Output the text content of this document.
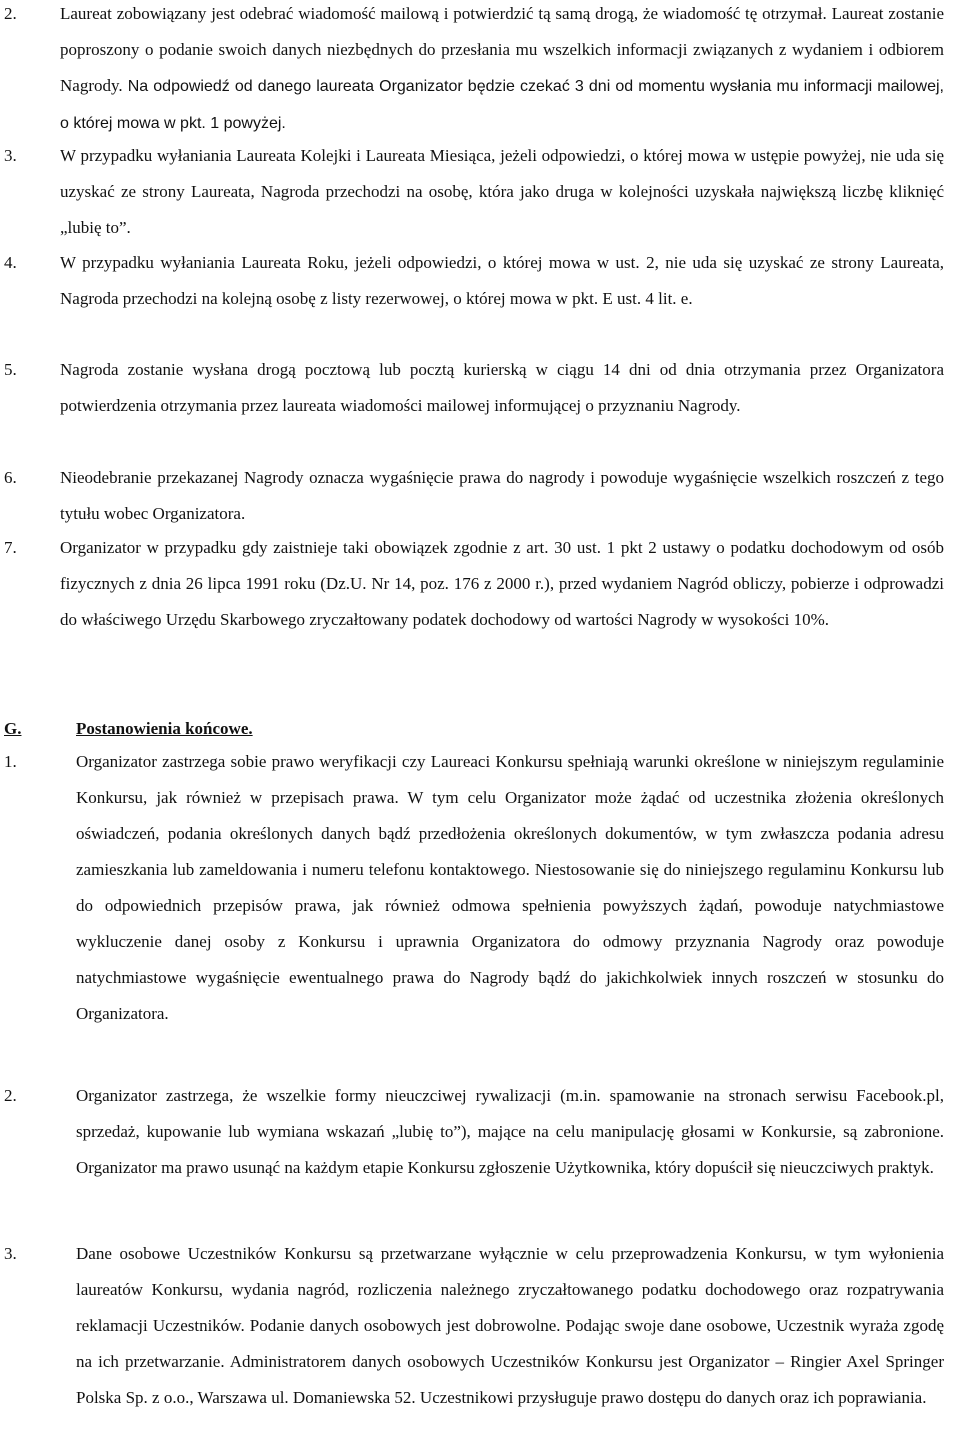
2.	Laureat zobowiązany jest odebrać wiadomość mailową i potwierdzić tą samą drogą, że wiadomość tę otrzymał. Laureat zostanie poproszony o podanie swoich danych niezbędnych do przesłania mu wszelkich informacji związanych z wydaniem i odbiorem Nagrody. Na odpowiedź od danego laureata Organizator będzie czekać 3 dni od momentu wysłania mu informacji mailowej, o której mowa w pkt. 1 powyżej.
3.	W przypadku wyłaniania Laureata Kolejki i Laureata Miesiąca, jeżeli odpowiedzi, o której mowa w ustępie powyżej, nie uda się uzyskać ze strony Laureata, Nagroda przechodzi na osobę, która jako druga w kolejności uzyskała największą liczbę kliknięć „lubię to”.
4.	W przypadku wyłaniania Laureata Roku, jeżeli odpowiedzi, o której mowa w ust. 2, nie uda się uzyskać ze strony Laureata, Nagroda przechodzi na kolejną osobę z listy rezerwowej, o której mowa w pkt. E ust. 4 lit. e.
5.	Nagroda zostanie wysłana drogą pocztową lub pocztą kurierską w ciągu 14 dni od dnia otrzymania przez Organizatora potwierdzenia otrzymania przez laureata wiadomości mailowej informującej o przyznaniu Nagrody.
6.	Nieodebranie przekazanej Nagrody oznacza wygaśnięcie prawa do nagrody i powoduje wygaśnięcie wszelkich roszczeń z tego tytułu wobec Organizatora.
7.	Organizator w przypadku gdy zaistnieje taki obowiązek zgodnie z art. 30 ust. 1 pkt 2 ustawy o podatku dochodowym od osób fizycznych z dnia 26 lipca 1991 roku (Dz.U. Nr 14, poz. 176 z 2000 r.), przed wydaniem Nagród obliczy, pobierze i odprowadzi do właściwego Urzędu Skarbowego zryczałtowany podatek dochodowy od wartości Nagrody w wysokości 10%.
G.	Postanowienia końcowe.
1.	Organizator zastrzega sobie prawo weryfikacji czy Laureaci Konkursu spełniają warunki określone w niniejszym regulaminie Konkursu, jak również w przepisach prawa. W tym celu Organizator może żądać od uczestnika złożenia określonych oświadczeń, podania określonych danych bądź przedłożenia określonych dokumentów, w tym zwłaszcza podania adresu zamieszkania lub zameldowania i numeru telefonu kontaktowego. Niestosowanie się do niniejszego regulaminu Konkursu lub do odpowiednich przepisów prawa, jak również odmowa spełnienia powyższych żądań, powoduje natychmiastowe wykluczenie danej osoby z Konkursu i uprawnia Organizatora do odmowy przyznania Nagrody oraz powoduje natychmiastowe wygaśnięcie ewentualnego prawa do Nagrody bądź do jakichkolwiek innych roszczeń w stosunku do Organizatora.
2.	Organizator zastrzega, że wszelkie formy nieuczciwej rywalizacji (m.in. spamowanie na stronach serwisu Facebook.pl, sprzedaż, kupowanie lub wymiana wskazań „lubię to”), mające na celu manipulację głosami w Konkursie, są zabronione. Organizator ma prawo usunąć na każdym etapie Konkursu zgłoszenie Użytkownika, który dopuścił się nieuczciwych praktyk.
3.	Dane osobowe Uczestników Konkursu są przetwarzane wyłącznie w celu przeprowadzenia Konkursu, w tym wyłonienia laureatów Konkursu, wydania nagród, rozliczenia należnego zryczałtowanego podatku dochodowego oraz rozpatrywania reklamacji Uczestników. Podanie danych osobowych jest dobrowolne. Podając swoje dane osobowe, Uczestnik wyraża zgodę na ich przetwarzanie. Administratorem danych osobowych Uczestników Konkursu jest Organizator – Ringier Axel Springer Polska Sp. z o.o., Warszawa ul. Domaniewska 52. Uczestnikowi przysługuje prawo dostępu do danych oraz ich poprawiania.
